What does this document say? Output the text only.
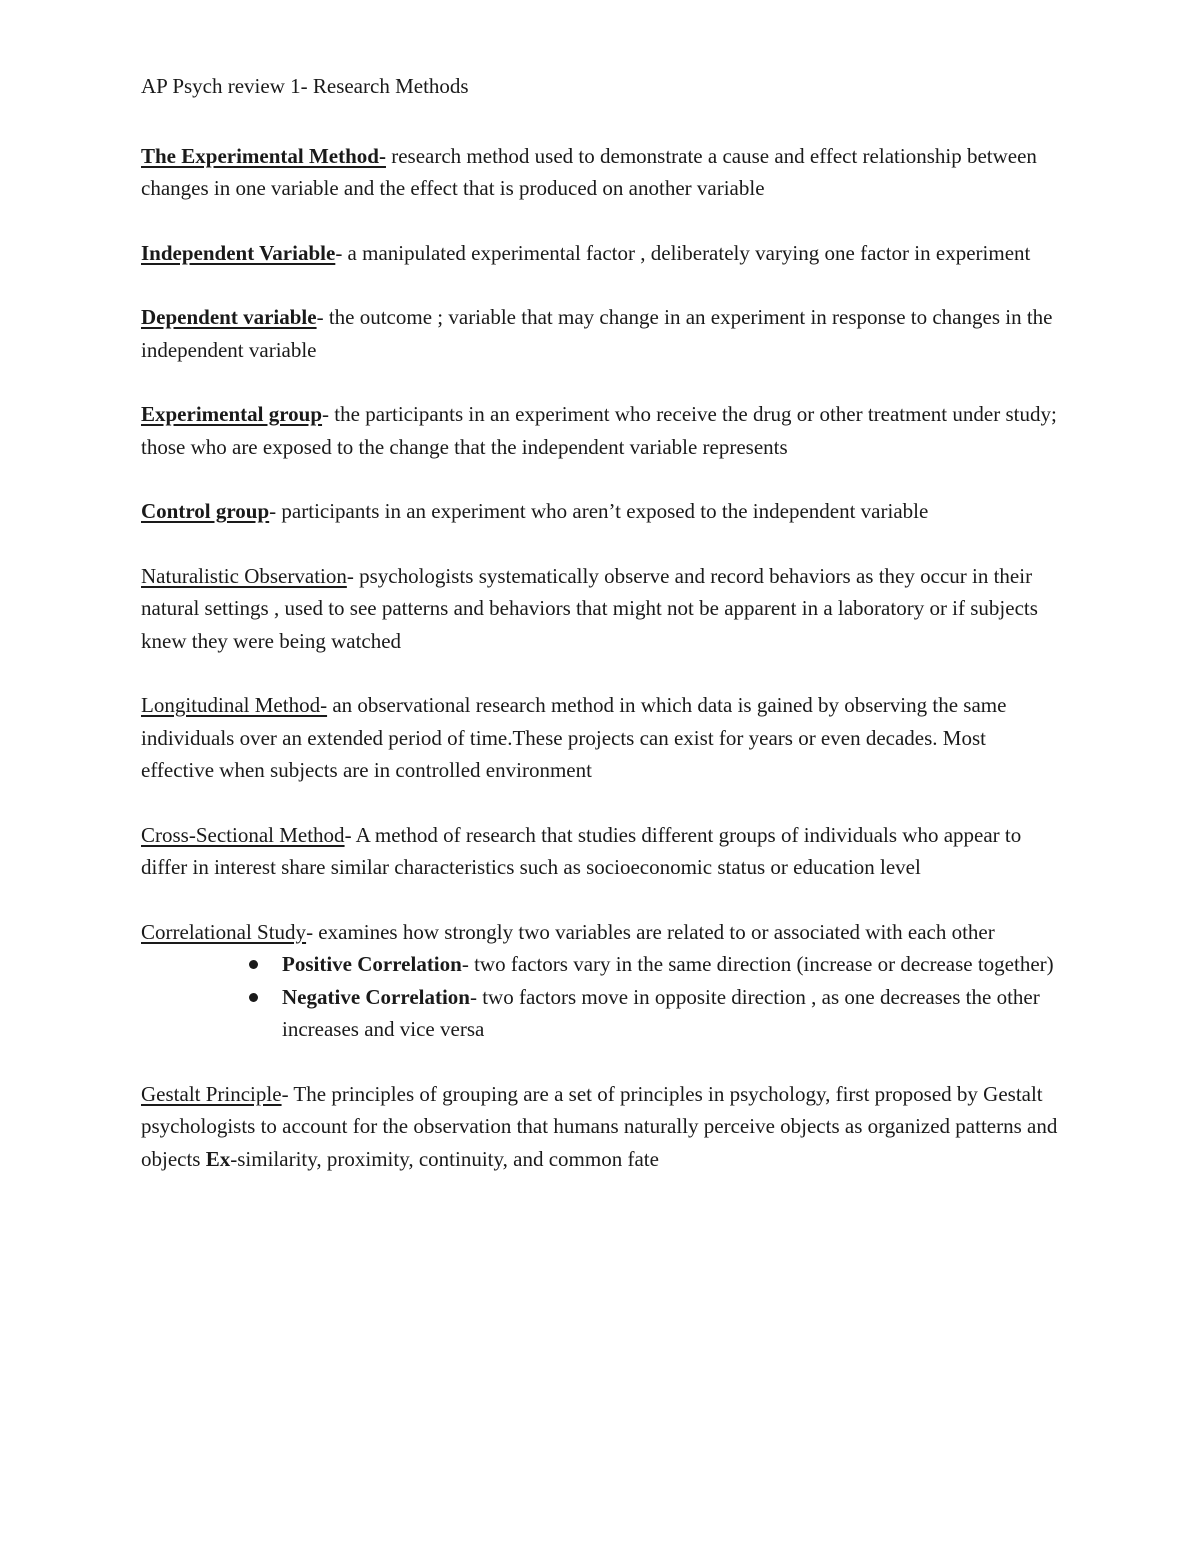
AP Psych review 1- Research Methods

The Experimental Method- research method used to demonstrate a cause and effect relationship between changes in one variable and the effect that is produced on another variable

Independent Variable- a manipulated experimental factor , deliberately varying one factor in experiment

Dependent variable- the outcome ; variable that may change in an experiment in response to changes in the independent variable

Experimental group- the participants in an experiment who receive the drug or other treatment under study; those who are exposed to the change that the independent variable represents

Control group- participants in an experiment who aren’t exposed to the independent variable

Naturalistic Observation- psychologists systematically observe and record behaviors as they occur in their natural settings , used to see patterns and behaviors that might not be apparent in a laboratory or if subjects knew they were being watched

Longitudinal Method- an observational research method in which data is gained by observing the same individuals over an extended period of time.These projects can exist for years or even decades. Most effective when subjects are in controlled environment

Cross-Sectional Method- A method of research that studies different groups of individuals who appear to differ in interest share similar characteristics such as socioeconomic status or education level

Correlational Study- examines how strongly two variables are related to or associated with each other

Positive Correlation- two factors vary in the same direction (increase or decrease together)
Negative Correlation- two factors move in opposite direction , as one decreases the other increases and vice versa

Gestalt Principle- The principles of grouping are a set of principles in psychology, first proposed by Gestalt psychologists to account for the observation that humans naturally perceive objects as organized patterns and objects Ex-similarity, proximity, continuity, and common fate
